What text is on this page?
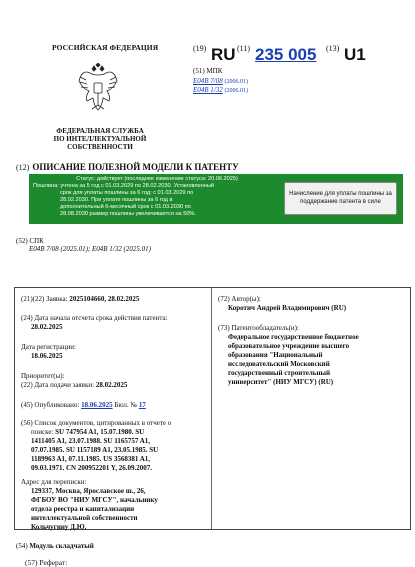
РОССИЙСКАЯ ФЕДЕРАЦИЯ
ФЕДЕРАЛЬНАЯ СЛУЖБА
ПО ИНТЕЛЛЕКТУАЛЬНОЙ СОБСТВЕННОСТИ
(19) RU (11) 235 005 (13) U1
(51) МПК
E04B 7/08 (2006.01)
E04B 1/32 (2006.01)
(12) ОПИСАНИЕ ПОЛЕЗНОЙ МОДЕЛИ К ПАТЕНТУ
Статус: действует (последнее изменение статуса: 20.06.2025)
Пошлина: учтена за 5 год с 01.03.2029 по 28.02.2030. Установленный
срок для уплаты пошлины за 6 год: с 01.03.2029 по
28.02.2030. При уплате пошлины за 6 год в
дополнительный 6-месячный срок с 01.03.2030 по
28.08.2030 размер пошлины увеличивается на 50%.
Начисление для уплаты пошлины за поддержание патента в силе
(52) СПК
E04B 7/08 (2025.01); E04B 1/32 (2025.01)
(21)(22) Заявка: 2025104660, 28.02.2025
(24) Дата начала отсчета срока действия патента:
28.02.2025
Дата регистрации:
18.06.2025
Приоритет(ы):
(22) Дата подачи заявки: 28.02.2025
(45) Опубликовано: 18.06.2025 Бюл. № 17
(56) Список документов, цитированных в отчете о
поиске: SU 747954 A1, 15.07.1980. SU
1411405 A1, 23.07.1988. SU 1165757 A1,
07.07.1985. SU 1157189 A1, 23.05.1985. SU
1189963 A1, 07.11.1985. US 3568381 A1,
09.03.1971. CN 200952201 Y, 26.09.2007.
Адрес для переписки:
129337, Москва, Ярославское ш., 26,
ФГБОУ ВО "НИУ МГСУ", начальнику
отдела реестра и капитализации
интеллектуальной собственности
Кольчугину Д.Ю.
(72) Автор(ы):
Коротич Андрей Владимирович (RU)
(73) Патентообладатель(и):
Федеральное государственное бюджетное
образовательное учреждение высшего
образования "Национальный
исследовательский Московский
государственный строительный
университет" (НИУ МГСУ) (RU)
(54) Модуль складчатый
(57) Реферат:
